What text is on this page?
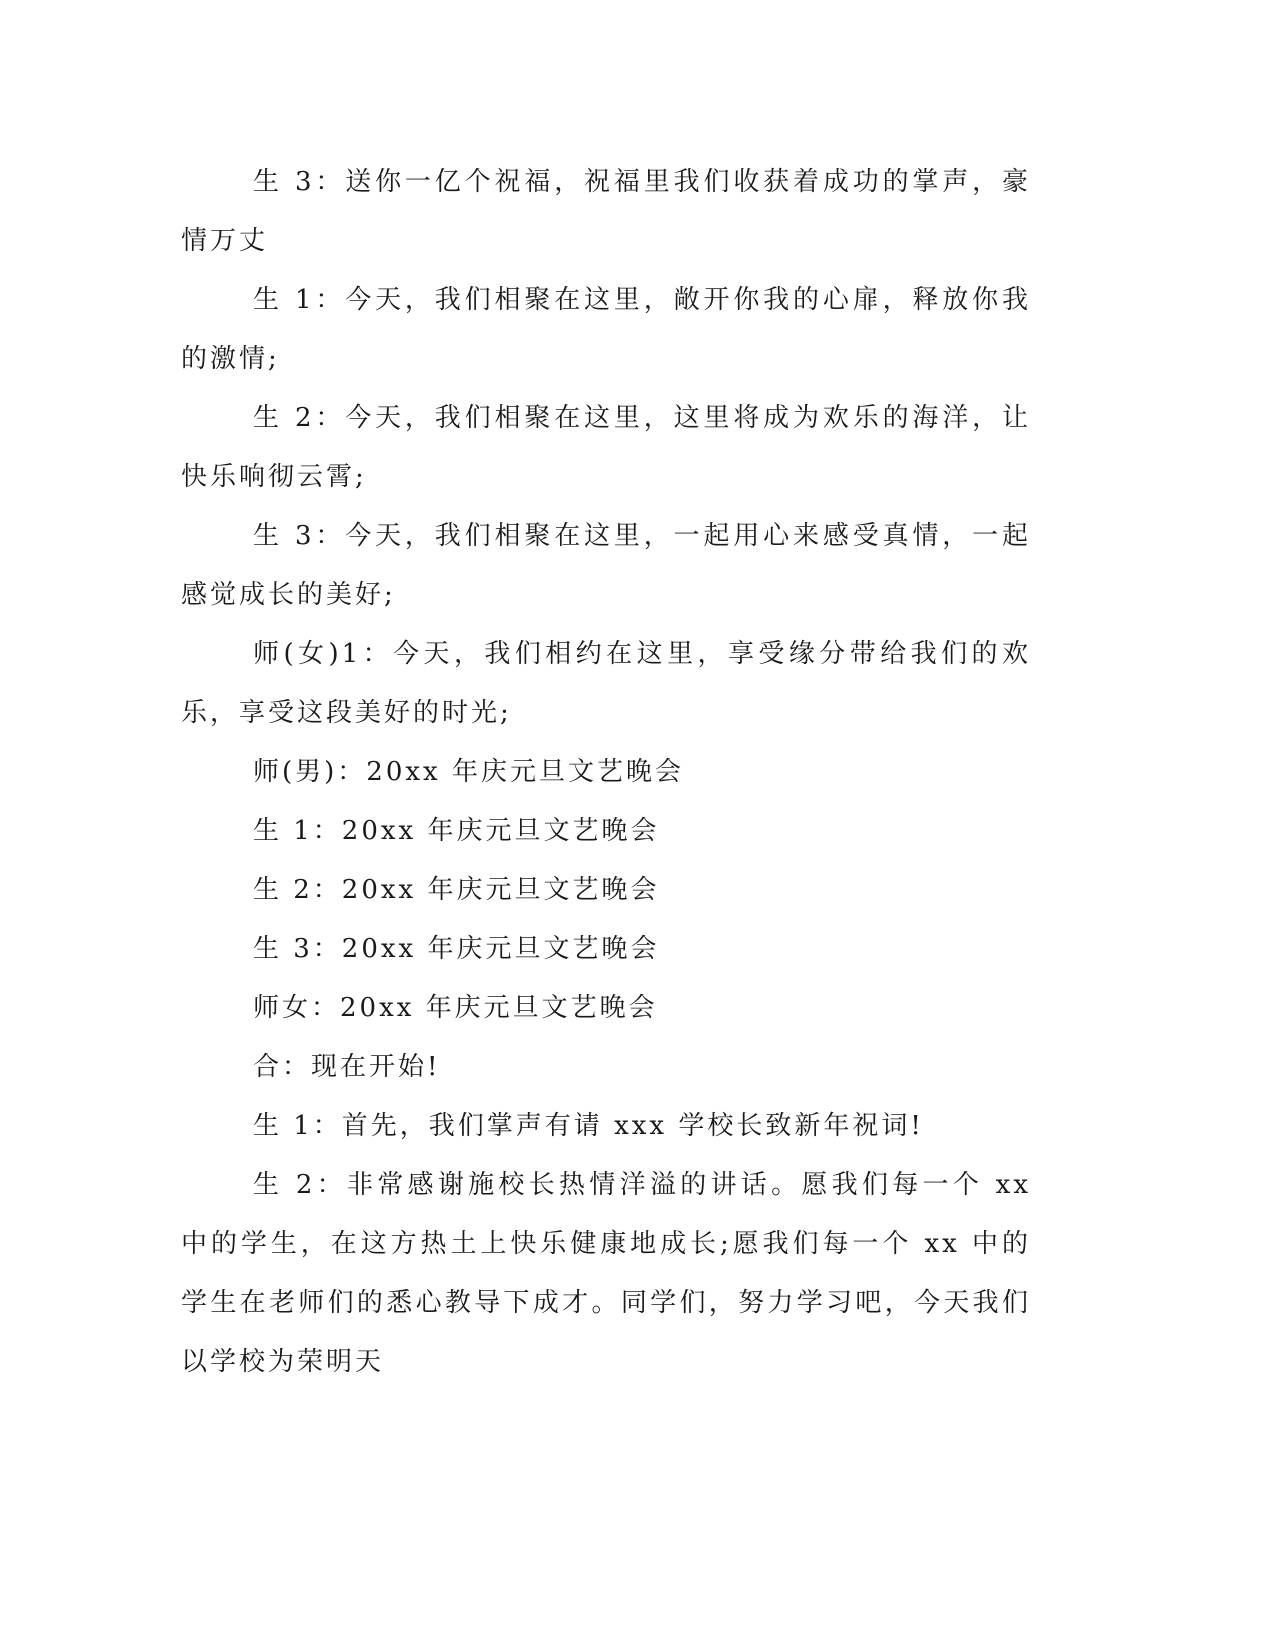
生 3：送你一亿个祝福，祝福里我们收获着成功的掌声，豪情万丈

生 1：今天，我们相聚在这里，敞开你我的心扉，释放你我的激情;

生 2：今天，我们相聚在这里，这里将成为欢乐的海洋，让快乐响彻云霄;

生 3：今天，我们相聚在这里，一起用心来感受真情，一起感觉成长的美好;

师(女)1：今天，我们相约在这里，享受缘分带给我们的欢乐，享受这段美好的时光;

师(男)：20xx 年庆元旦文艺晚会

生 1：20xx 年庆元旦文艺晚会

生 2：20xx 年庆元旦文艺晚会

生 3：20xx 年庆元旦文艺晚会

师女：20xx 年庆元旦文艺晚会

合：现在开始!

生 1：首先，我们掌声有请 xxx 学校长致新年祝词!

生 2：非常感谢施校长热情洋溢的讲话。愿我们每一个 xx 中的学生，在这方热土上快乐健康地成长;愿我们每一个 xx 中的学生在老师们的悉心教导下成才。同学们，努力学习吧，今天我们以学校为荣明天
